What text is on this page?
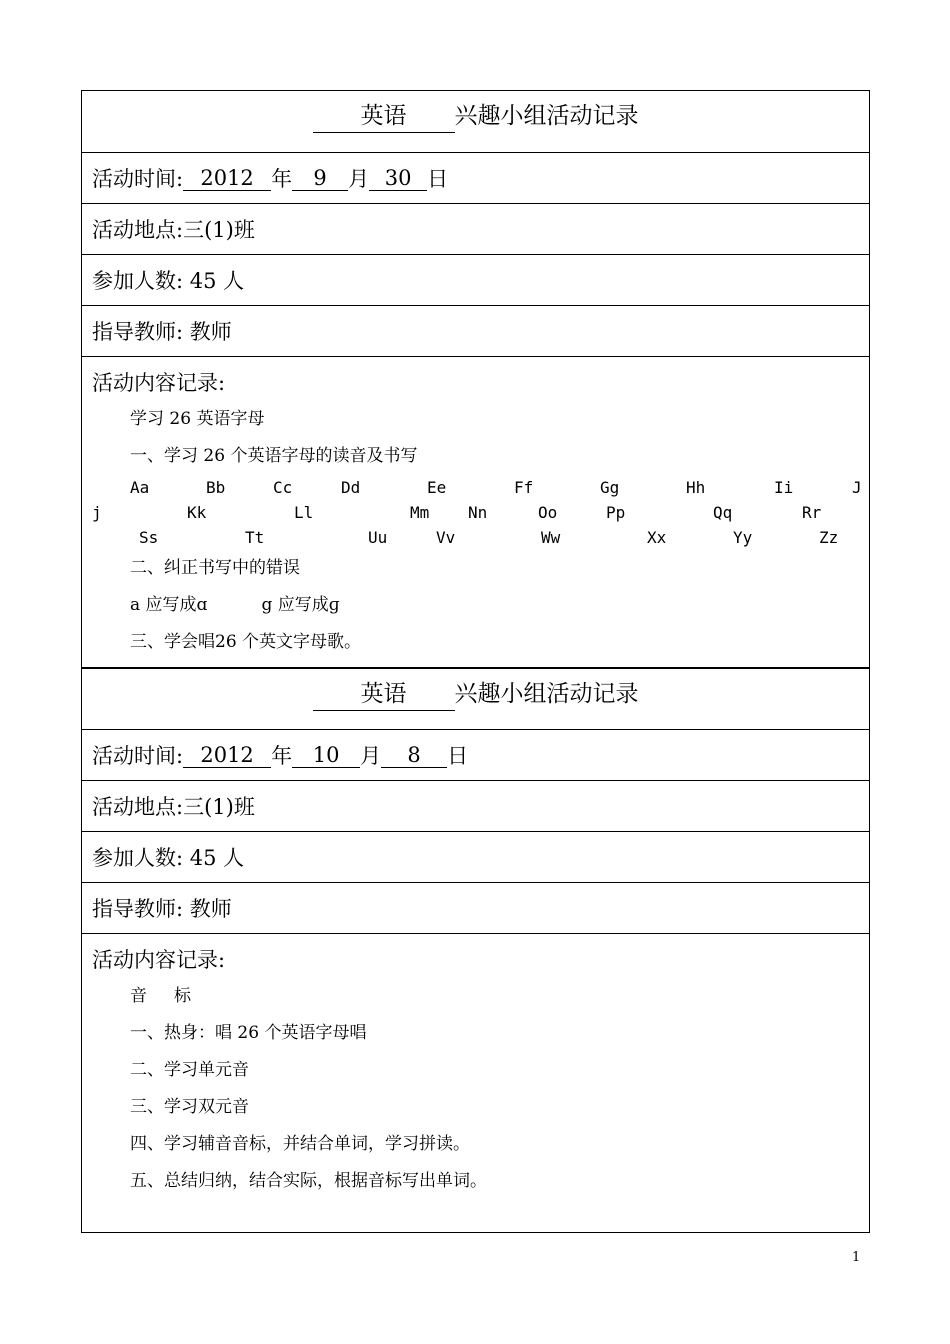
英语	兴趣小组活动记录
活动时间: 2012 年	9	月 30 日
活动地点:三(1)班
参加人数: 45 人
指导教师: 教师
活动内容记录:
学习 26 英语字母
一、学习 26 个英语字母的读音及书写
Aa	Bb	Cc	Dd	Ee	Ff	Gg	Hh	Ii	J
j	Kk	Ll	Mm Nn	Oo	Pp	Qq	Rr
Ss	Tt	Uu	Vv	Ww	Xx	Yy	Zz
二、纠正书写中的错误
a 应写成ɑ          g 应写成ɡ
三、学会唱26 个英文字母歌。
英语	兴趣小组活动记录
活动时间: 2012 年 10 月	8	日
活动地点:三(1)班
参加人数: 45 人
指导教师: 教师
活动内容记录:
音     标
一、热身：唱 26 个英语字母唱
二、学习单元音
三、学习双元音
四、学习辅音音标，并结合单词，学习拼读。
五、总结归纳，结合实际，根据音标写出单词。
1
